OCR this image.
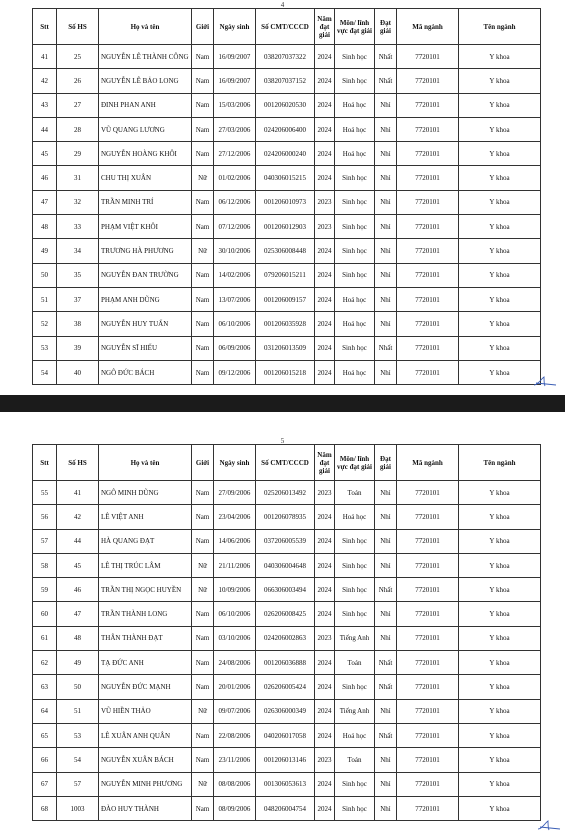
4
Stt	Số HS	Họ và tên	Giới	Ngày sinh	Số CMT/CCCD	Năm đạt giải	Môn/ lĩnh vực đạt giải	Đạt giải	Mã ngành	Tên ngành
41	25	NGUYỄN LÊ THÀNH CÔNG	Nam	16/09/2007	038207037322	2024	Sinh học	Nhất	7720101	Y khoa
42	26	NGUYỄN LÊ BẢO LONG	Nam	16/09/2007	038207037152	2024	Sinh học	Nhất	7720101	Y khoa
43	27	ĐINH PHAN ANH	Nam	15/03/2006	001206020530	2024	Hoá học	Nhì	7720101	Y khoa
44	28	VŨ QUANG LƯƠNG	Nam	27/03/2006	024206006400	2024	Hoá học	Nhì	7720101	Y khoa
45	29	NGUYỄN HOÀNG KHÔI	Nam	27/12/2006	024206000240	2024	Hoá học	Nhì	7720101	Y khoa
46	31	CHU THỊ XUÂN	Nữ	01/02/2006	040306015215	2024	Sinh học	Nhì	7720101	Y khoa
47	32	TRẦN MINH TRÍ	Nam	06/12/2006	001206010973	2023	Sinh học	Nhì	7720101	Y khoa
48	33	PHẠM VIỆT KHÔI	Nam	07/12/2006	001206012903	2023	Sinh học	Nhì	7720101	Y khoa
49	34	TRƯƠNG HÀ PHƯƠNG	Nữ	30/10/2006	025306008448	2024	Sinh học	Nhì	7720101	Y khoa
50	35	NGUYỄN ĐAN TRƯỜNG	Nam	14/02/2006	079206015211	2024	Sinh học	Nhì	7720101	Y khoa
51	37	PHẠM ANH DŨNG	Nam	13/07/2006	001206009157	2024	Hoá học	Nhì	7720101	Y khoa
52	38	NGUYỄN HUY TUẤN	Nam	06/10/2006	001206035928	2024	Hoá học	Nhì	7720101	Y khoa
53	39	NGUYỄN SĨ HIẾU	Nam	06/09/2006	031206013509	2024	Sinh học	Nhất	7720101	Y khoa
54	40	NGÔ ĐỨC BÁCH	Nam	09/12/2006	001206015218	2024	Hoá học	Nhì	7720101	Y khoa
5
Stt	Số HS	Họ và tên	Giới	Ngày sinh	Số CMT/CCCD	Năm đạt giải	Môn/ lĩnh vực đạt giải	Đạt giải	Mã ngành	Tên ngành
55	41	NGÔ MINH DŨNG	Nam	27/09/2006	025206013492	2023	Toán	Nhì	7720101	Y khoa
56	42	LÊ VIỆT ANH	Nam	23/04/2006	001206078935	2024	Hoá học	Nhì	7720101	Y khoa
57	44	HÀ QUANG ĐẠT	Nam	14/06/2006	037206005539	2024	Sinh học	Nhì	7720101	Y khoa
58	45	LÊ THỊ TRÚC LÂM	Nữ	21/11/2006	040306004648	2024	Sinh học	Nhì	7720101	Y khoa
59	46	TRẦN THỊ NGỌC HUYỀN	Nữ	10/09/2006	066306003494	2024	Sinh học	Nhất	7720101	Y khoa
60	47	TRẦN THÀNH LONG	Nam	06/10/2006	026206008425	2024	Sinh học	Nhì	7720101	Y khoa
61	48	THÂN THÀNH ĐẠT	Nam	03/10/2006	024206002863	2023	Tiếng Anh	Nhì	7720101	Y khoa
62	49	TẠ ĐỨC ANH	Nam	24/08/2006	001206036888	2024	Toán	Nhất	7720101	Y khoa
63	50	NGUYỄN ĐỨC MẠNH	Nam	20/01/2006	026206005424	2024	Sinh học	Nhất	7720101	Y khoa
64	51	VŨ HIỀN THẢO	Nữ	09/07/2006	026306000349	2024	Tiếng Anh	Nhì	7720101	Y khoa
65	53	LÊ XUÂN ANH QUÂN	Nam	22/08/2006	040206017058	2024	Hoá học	Nhất	7720101	Y khoa
66	54	NGUYỄN XUÂN BÁCH	Nam	23/11/2006	001206013146	2023	Toán	Nhì	7720101	Y khoa
67	57	NGUYỄN MINH PHƯƠNG	Nữ	08/08/2006	001306053613	2024	Sinh học	Nhì	7720101	Y khoa
68	1003	ĐÀO HUY THÀNH	Nam	08/09/2006	048206004754	2024	Sinh học	Nhì	7720101	Y khoa
